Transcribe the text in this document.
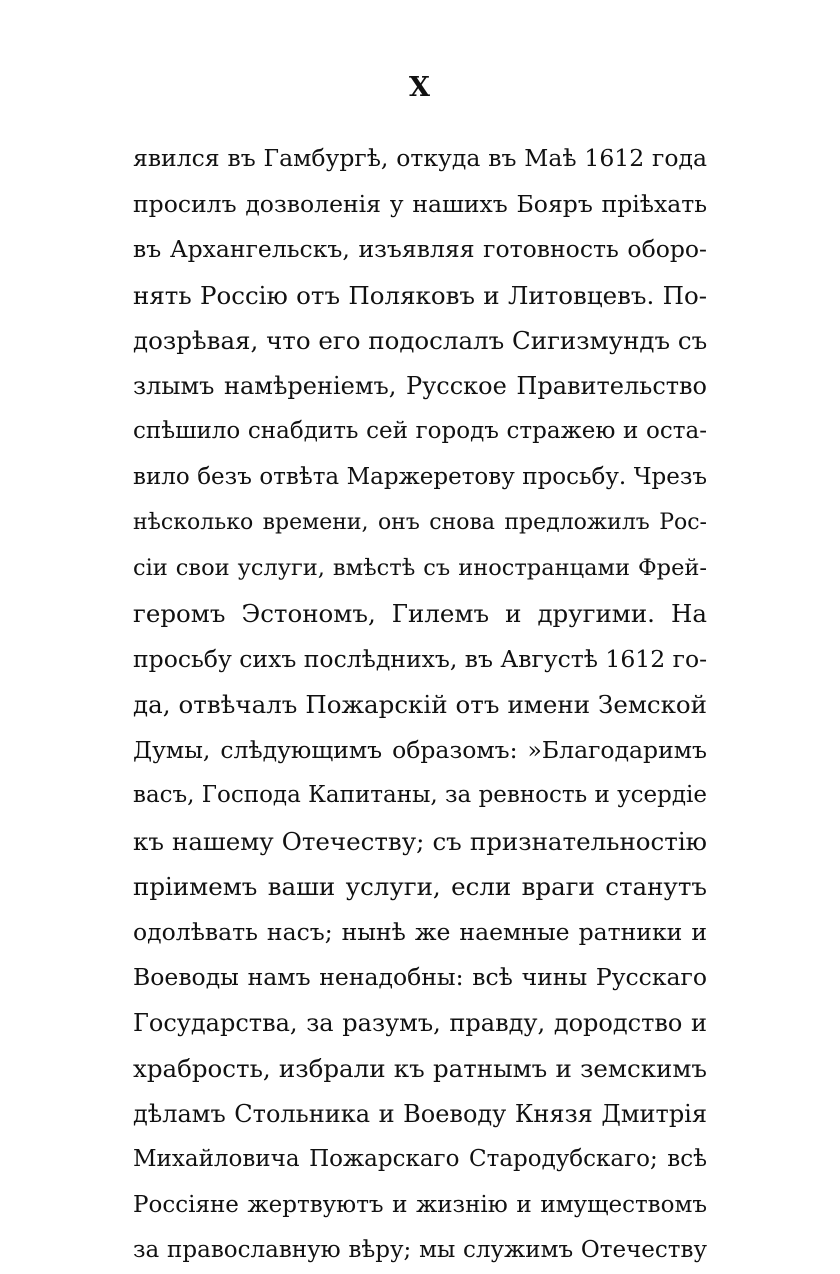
X
явился въ Гамбургѣ, откуда въ Маѣ 1612 года
просилъ дозволенія у нашихъ Бояръ пріѣхать
въ Архангельскъ, изъявляя готовность оборо-
нять Россію отъ Поляковъ и Литовцевъ. По-
дозрѣвая, что его подослалъ Сигизмундъ съ
злымъ намѣреніемъ, Русское Правительство
спѣшило снабдить сей городъ стражею и оста-
вило безъ отвѣта Маржеретову просьбу. Чрезъ
нѣсколько времени, онъ снова предложилъ Рос-
сіи свои услуги, вмѣстѣ съ иностранцами Фрей-
геромъ Эстономъ, Гилемъ и другими. На
просьбу сихъ послѣднихъ, въ Августѣ 1612 го-
да, отвѣчалъ Пожарскій отъ имени Земской
Думы, слѣдующимъ образомъ: »Благодаримъ
васъ, Господа Капитаны, за ревность и усердіе
къ нашему Отечеству; съ признательностію
пріимемъ ваши услуги, если враги станутъ
одолѣвать насъ; нынѣ же наемные ратники и
Воеводы намъ ненадобны: всѣ чины Русскаго
Государства, за разумъ, правду, дородство и
храбрость, избрали къ ратнымъ и земскимъ
дѣламъ Стольника и Воеводу Князя Дмитрія
Михайловича Пожарскаго Стародубскаго; всѣ
Россіяне жертвуютъ и жизнію и имуществомъ
за православную вѣру; мы служимъ Отечеству
